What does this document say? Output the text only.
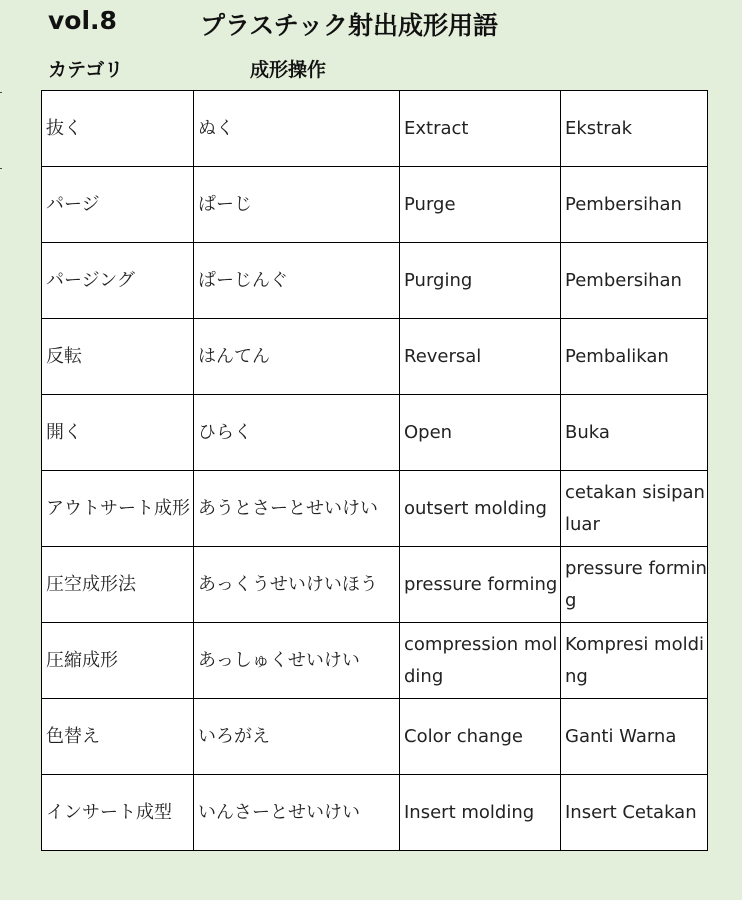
vol.8	プラスチック射出成形用語
カテゴリ	成形操作
抜く	ぬく	Extract	Ekstrak
パージ	ぱーじ	Purge	Pembersihan
パージング	ぱーじんぐ	Purging	Pembersihan
反転	はんてん	Reversal	Pembalikan
開く	ひらく	Open	Buka
アウトサート成形	あうとさーとせいけい	outsert molding	cetakan sisipan luar
圧空成形法	あっくうせいけいほう	pressure forming	pressure forming
圧縮成形	あっしゅくせいけい	compression molding	Kompresi molding
色替え	いろがえ	Color change	Ganti Warna
インサート成型	いんさーとせいけい	Insert molding	Insert Cetakan
